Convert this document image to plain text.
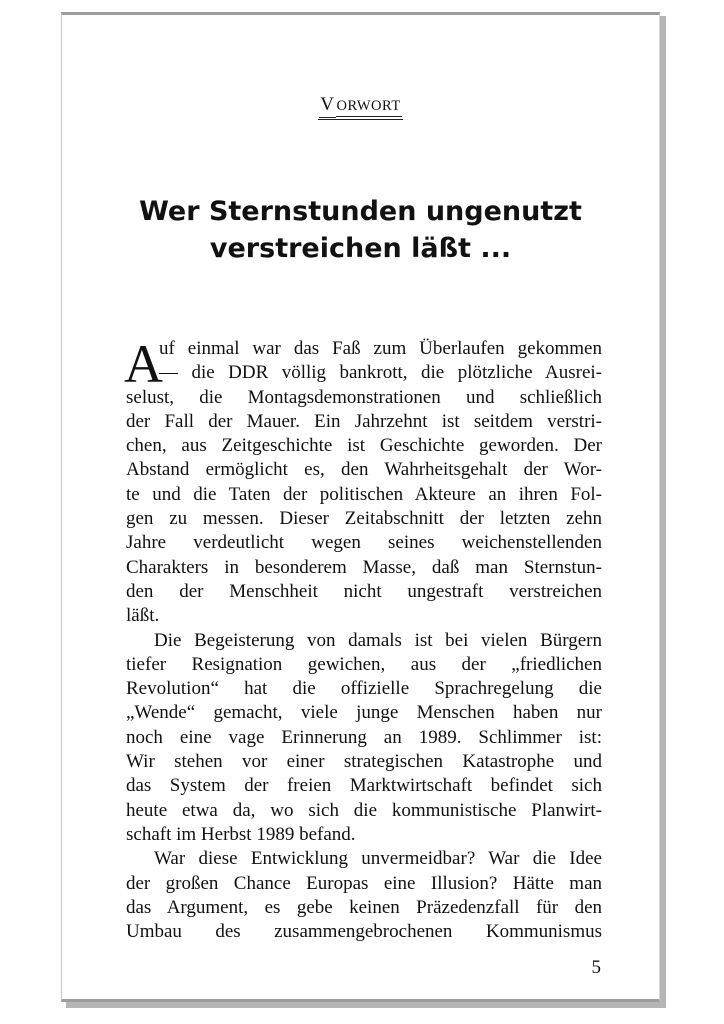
V ORWORT
Wer Sternstunden ungenutzt
verstreichen läßt ...
A
uf einmal war das Faß zum Überlaufen gekommen
— die DDR völlig bankrott, die plötzliche Ausrei-
selust, die Montagsdemonstrationen und schließlich
der Fall der Mauer. Ein Jahrzehnt ist seitdem verstri-
chen, aus Zeitgeschichte ist Geschichte geworden. Der
Abstand ermöglicht es, den Wahrheitsgehalt der Wor-
te und die Taten der politischen Akteure an ihren Fol-
gen zu messen. Dieser Zeitabschnitt der letzten zehn
Jahre verdeutlicht wegen seines weichenstellenden
Charakters in besonderem Masse, daß man Sternstun-
den der Menschheit nicht ungestraft verstreichen
läßt.
Die Begeisterung von damals ist bei vielen Bürgern
tiefer Resignation gewichen, aus der „friedlichen
Revolution“ hat die offizielle Sprachregelung die
„Wende“ gemacht, viele junge Menschen haben nur
noch eine vage Erinnerung an 1989. Schlimmer ist:
Wir stehen vor einer strategischen Katastrophe und
das System der freien Marktwirtschaft befindet sich
heute etwa da, wo sich die kommunistische Planwirt-
schaft im Herbst 1989 befand.
War diese Entwicklung unvermeidbar? War die Idee
der großen Chance Europas eine Illusion? Hätte man
das Argument, es gebe keinen Präzedenzfall für den
Umbau des zusammengebrochenen Kommunismus
5
